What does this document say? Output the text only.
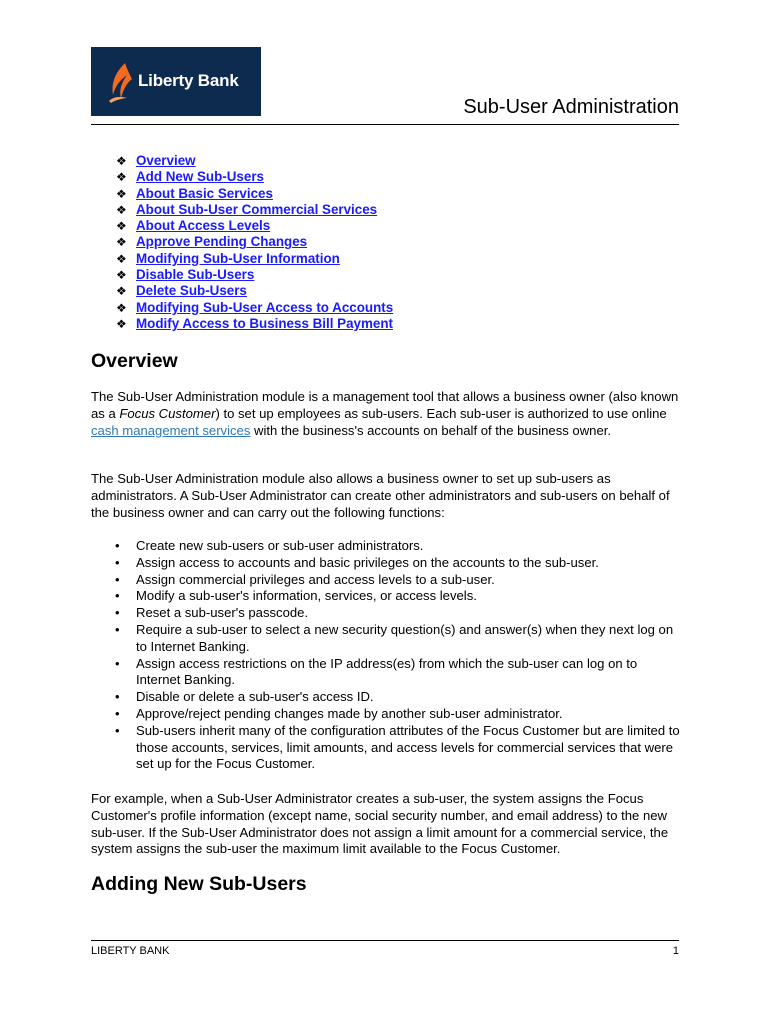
Liberty Bank
Sub-User Administration
❖ Overview
❖ Add New Sub-Users
❖ About Basic Services
❖ About Sub-User Commercial Services
❖ About Access Levels
❖ Approve Pending Changes
❖ Modifying Sub-User Information
❖ Disable Sub-Users
❖ Delete Sub-Users
❖ Modifying Sub-User Access to Accounts
❖ Modify Access to Business Bill Payment
Overview

The Sub-User Administration module is a management tool that allows a business owner (also known as a Focus Customer) to set up employees as sub-users. Each sub-user is authorized to use online cash management services with the business's accounts on behalf of the business owner.

The Sub-User Administration module also allows a business owner to set up sub-users as administrators. A Sub-User Administrator can create other administrators and sub-users on behalf of the business owner and can carry out the following functions:

• Create new sub-users or sub-user administrators.
• Assign access to accounts and basic privileges on the accounts to the sub-user.
• Assign commercial privileges and access levels to a sub-user.
• Modify a sub-user's information, services, or access levels.
• Reset a sub-user's passcode.
• Require a sub-user to select a new security question(s) and answer(s) when they next log on to Internet Banking.
• Assign access restrictions on the IP address(es) from which the sub-user can log on to Internet Banking.
• Disable or delete a sub-user's access ID.
• Approve/reject pending changes made by another sub-user administrator.
• Sub-users inherit many of the configuration attributes of the Focus Customer but are limited to those accounts, services, limit amounts, and access levels for commercial services that were set up for the Focus Customer.

For example, when a Sub-User Administrator creates a sub-user, the system assigns the Focus Customer's profile information (except name, social security number, and email address) to the new sub-user. If the Sub-User Administrator does not assign a limit amount for a commercial service, the system assigns the sub-user the maximum limit available to the Focus Customer.

Adding New Sub-Users
LIBERTY BANK	1
